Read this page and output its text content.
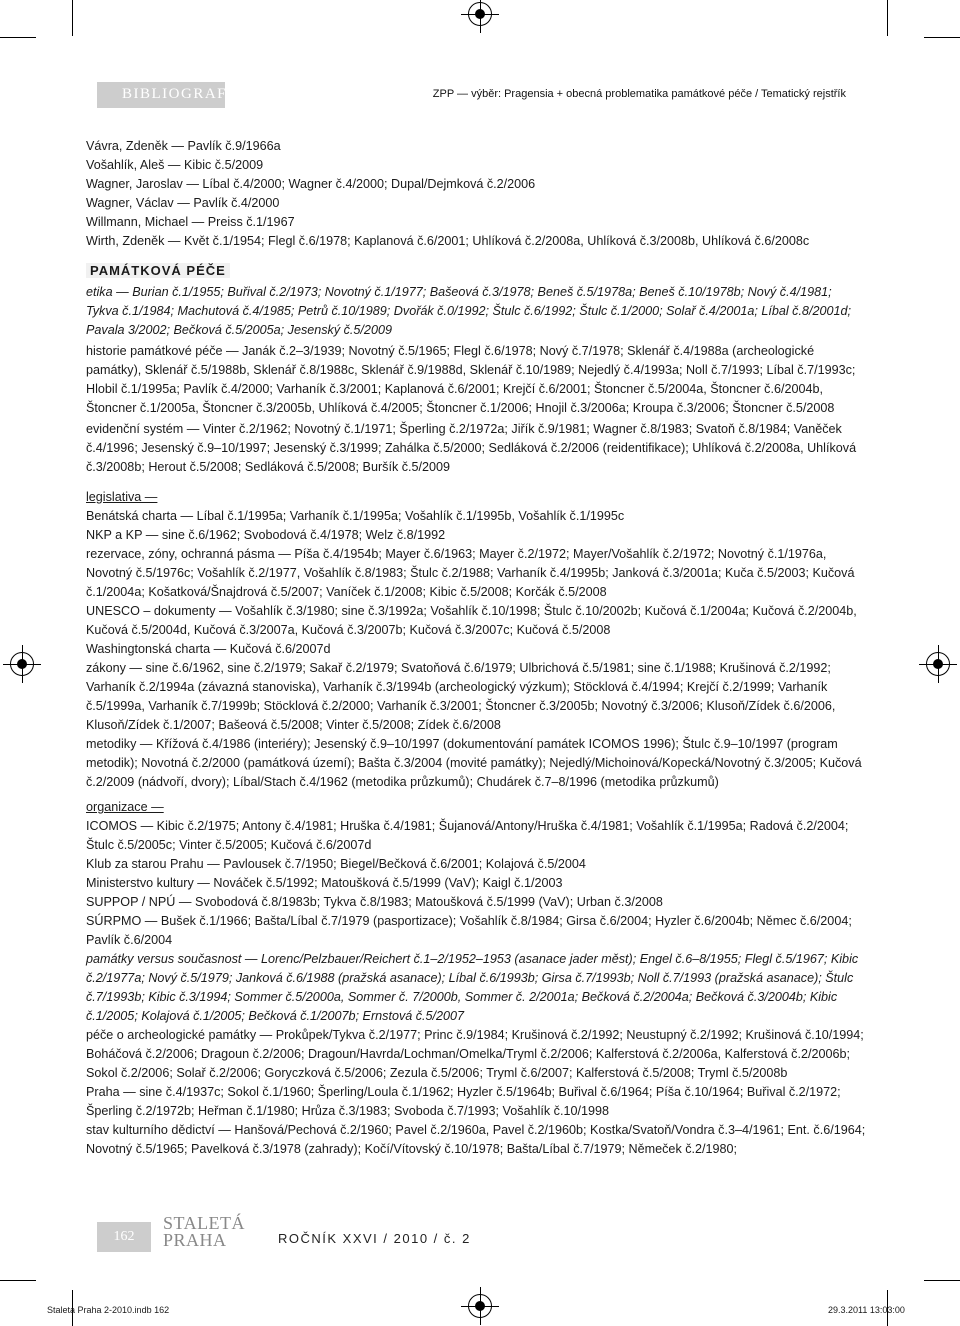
BIBLIOGRAFIE	ZPP — výběr: Pragensia + obecná problematika památkové péče / Tematický rejstřík

Vávra, Zdeněk — Pavlík č.9/1966a

Vošahlík, Aleš — Kibic č.5/2009

Wagner, Jaroslav — Líbal č.4/2000; Wagner č.4/2000; Dupal/Dejmková č.2/2006

Wagner, Václav — Pavlík č.4/2000

Willmann, Michael — Preiss č.1/1967

Wirth, Zdeněk — Květ č.1/1954; Flegl č.6/1978; Kaplanová č.6/2001; Uhlíková č.2/2008a, Uhlíková č.3/2008b, Uhlíková č.6/2008c

PAMÁTKOVÁ PÉČE

etika — Burian č.1/1955; Buřival č.2/1973; Novotný č.1/1977; Bašeová č.3/1978; Beneš č.5/1978a; Beneš č.10/1978b; Nový č.4/1981; Tykva č.1/1984; Machutová č.4/1985; Petrů č.10/1989; Dvořák č.0/1992; Štulc č.6/1992; Štulc č.1/2000; Solař č.4/2001a; Líbal č.8/2001d; Pavala 3/2002; Bečková č.5/2005a; Jesenský č.5/2009

historie památkové péče — Janák č.2–3/1939; Novotný č.5/1965; Flegl č.6/1978; Nový č.7/1978; Sklenář č.4/1988a (archeologické památky), Sklenář č.5/1988b, Sklenář č.8/1988c, Sklenář č.9/1988d, Sklenář č.10/1989; Nejedlý č.4/1993a; Noll č.7/1993; Líbal č.7/1993c; Hlobil č.1/1995a; Pavlík č.4/2000; Varhaník č.3/2001; Kaplanová č.6/2001; Krejčí č.6/2001; Štoncner č.5/2004a, Štoncner č.6/2004b, Štoncner č.1/2005a, Štoncner č.3/2005b, Uhlíková č.4/2005; Štoncner č.1/2006; Hnojil č.3/2006a; Kroupa č.3/2006; Štoncner č.5/2008

evidenční systém — Vinter č.2/1962; Novotný č.1/1971; Šperling č.2/1972a; Jiřík č.9/1981; Wagner č.8/1983; Svatoň č.8/1984; Vaněček č.4/1996; Jesenský č.9–10/1997; Jesenský č.3/1999; Zahálka č.5/2000; Sedláková č.2/2006 (reidentifikace); Uhlíková č.2/2008a, Uhlíková č.3/2008b; Herout č.5/2008; Sedláková č.5/2008; Buršík č.5/2009

legislativa —

Benátská charta — Líbal č.1/1995a; Varhaník č.1/1995a; Vošahlík č.1/1995b, Vošahlík č.1/1995c

NKP a KP — sine č.6/1962; Svobodová č.4/1978; Welz č.8/1992

rezervace, zóny, ochranná pásma — Píša č.4/1954b; Mayer č.6/1963; Mayer č.2/1972; Mayer/Vošahlík č.2/1972; Novotný č.1/1976a, Novotný č.5/1976c; Vošahlík č.2/1977, Vošahlík č.8/1983; Štulc č.2/1988; Varhaník č.4/1995b; Janková č.3/2001a; Kuča č.5/2003; Kučová č.1/2004a; Košatková/Šnajdrová č.5/2007; Vaníček č.1/2008; Kibic č.5/2008; Korčák č.5/2008

UNESCO – dokumenty — Vošahlík č.3/1980; sine č.3/1992a; Vošahlík č.10/1998; Štulc č.10/2002b; Kučová č.1/2004a; Kučová č.2/2004b, Kučová č.5/2004d, Kučová č.3/2007a, Kučová č.3/2007b; Kučová č.3/2007c; Kučová č.5/2008

Washingtonská charta — Kučová č.6/2007d

zákony — sine č.6/1962, sine č.2/1979; Sakař č.2/1979; Svatoňová č.6/1979; Ulbrichová č.5/1981; sine č.1/1988; Krušinová č.2/1992; Varhaník č.2/1994a (závazná stanoviska), Varhaník č.3/1994b (archeologický výzkum); Stöcklová č.4/1994; Krejčí č.2/1999; Varhaník č.5/1999a, Varhaník č.7/1999b; Stöcklová č.2/2000; Varhaník č.3/2001; Štoncner č.3/2005b; Novotný č.3/2006; Klusoň/Zídek č.6/2006, Klusoň/Zídek č.1/2007; Bašeová č.5/2008; Vinter č.5/2008; Zídek č.6/2008

metodiky — Křížová č.4/1986 (interiéry); Jesenský č.9–10/1997 (dokumentování památek ICOMOS 1996); Štulc č.9–10/1997 (program metodik); Novotná č.2/2000 (památková území); Bašta č.3/2004 (movité památky); Nejedlý/Michoinová/Kopecká/Novotný č.3/2005; Kučová č.2/2009 (nádvoří, dvory); Líbal/Stach č.4/1962 (metodika průzkumů); Chudárek č.7–8/1996 (metodika průzkumů)

organizace —

ICOMOS — Kibic č.2/1975; Antony č.4/1981; Hruška č.4/1981; Šujanová/Antony/Hruška č.4/1981; Vošahlík č.1/1995a; Radová č.2/2004; Štulc č.5/2005c; Vinter č.5/2005; Kučová č.6/2007d

Klub za starou Prahu — Pavlousek č.7/1950; Biegel/Bečková č.6/2001; Kolajová č.5/2004

Ministerstvo kultury — Nováček č.5/1992; Matoušková č.5/1999 (VaV); Kaigl č.1/2003

SUPPOP / NPÚ — Svobodová č.8/1983b; Tykva č.8/1983; Matoušková č.5/1999 (VaV); Urban č.3/2008

SÚRPMO — Bušek č.1/1966; Bašta/Líbal č.7/1979 (pasportizace); Vošahlík č.8/1984; Girsa č.6/2004; Hyzler č.6/2004b; Němec č.6/2004; Pavlík č.6/2004

památky versus současnost — Lorenc/Pelzbauer/Reichert č.1–2/1952–1953 (asanace jader měst); Engel č.6–8/1955; Flegl č.5/1967; Kibic č.2/1977a; Nový č.5/1979; Janková č.6/1988 (pražská asanace); Líbal č.6/1993b; Girsa č.7/1993b; Noll č.7/1993 (pražská asanace); Štulc č.7/1993b; Kibic č.3/1994; Sommer č.5/2000a, Sommer č. 7/2000b, Sommer č. 2/2001a; Bečková č.2/2004a; Bečková č.3/2004b; Kibic č.1/2005; Kolajová č.1/2005; Bečková č.1/2007b; Ernstová č.5/2007

péče o archeologické památky — Prokůpek/Tykva č.2/1977; Princ č.9/1984; Krušinová č.2/1992; Neustupný č.2/1992; Krušinová č.10/1994; Boháčová č.2/2006; Dragoun č.2/2006; Dragoun/Havrda/Lochman/Omelka/Tryml č.2/2006; Kalferstová č.2/2006a, Kalferstová č.2/2006b; Sokol č.2/2006; Solař č.2/2006; Goryczková č.5/2006; Zezula č.5/2006; Tryml č.6/2007; Kalferstová č.5/2008; Tryml č.5/2008b

Praha — sine č.4/1937c; Sokol č.1/1960; Šperling/Loula č.1/1962; Hyzler č.5/1964b; Buřival č.6/1964; Píša č.10/1964; Buřival č.2/1972; Šperling č.2/1972b; Heřman č.1/1980; Hrůza č.3/1983; Svoboda č.7/1993; Vošahlík č.10/1998

stav kulturního dědictví — Hanšová/Pechová č.2/1960; Pavel č.2/1960a, Pavel č.2/1960b; Kostka/Svatoň/Vondra č.3–4/1961; Ent. č.6/1964; Novotný č.5/1965; Pavelková č.3/1978 (zahrady); Kočí/Vítovský č.10/1978; Bašta/Líbal č.7/1979; Němeček č.2/1980;

162
STALETÁ
PRAHA	ROČNÍK XXVI / 2010 / č. 2
Staleta Praha 2-2010.indb 162	29.3.2011 13:03:00
